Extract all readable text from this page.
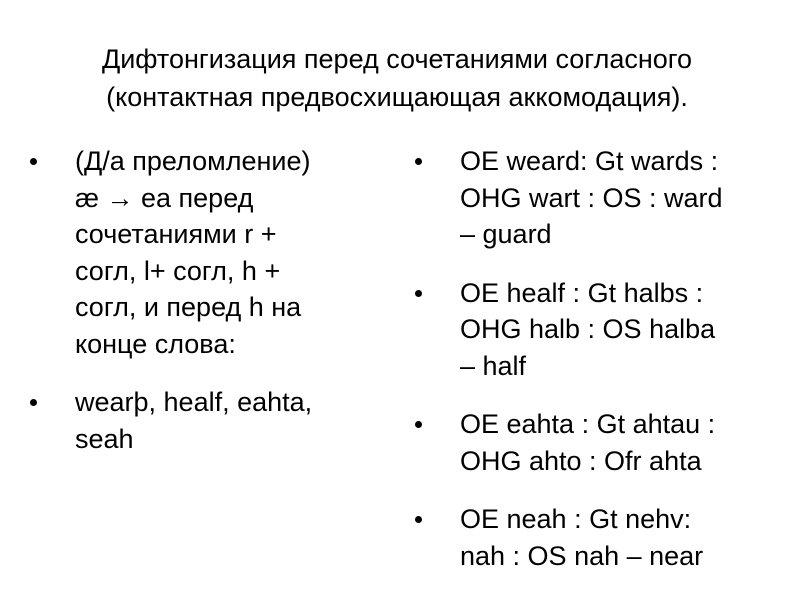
Дифтонгизация перед сочетаниями согласного
(контактная предвосхищающая аккомодация).
(Д/а преломление)
æ → ea перед
сочетаниями r +
согл, l+ согл, h +
согл, и перед h на
конце слова:
wearþ, healf, eahta,
seah
OE weard: Gt wards :
OHG wart : OS : ward
– guard
OE healf : Gt halbs :
OHG halb : OS halba
– half
OE eahta : Gt ahtau :
OHG ahto : Ofr ahta
OE neah : Gt nehv:
nah : OS nah – near
